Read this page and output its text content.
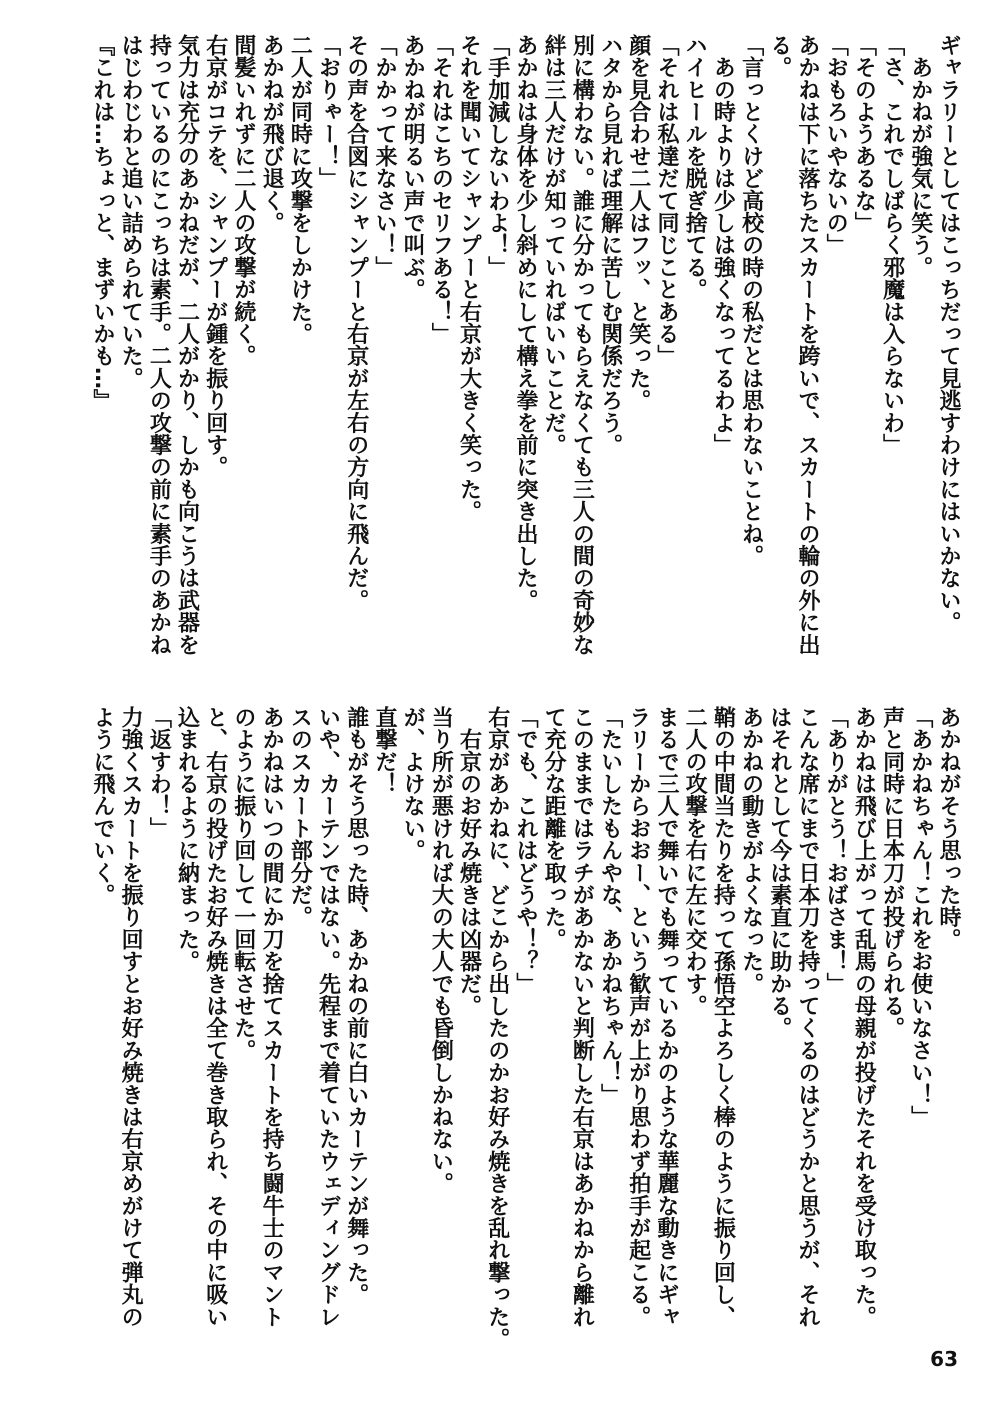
ギャラリーとしてはこっちだって見逃すわけにはいかない。
　あかねが強気に笑う。
「さ、これでしばらく邪魔は入らないわ」
「そのようあるな」
「おもろいやないの」
あかねは下に落ちたスカートを跨いで、スカートの輪の外に出
る。
「言っとくけど高校の時の私だとは思わないことね。
　あの時よりは少しは強くなってるわよ」
ハイヒールを脱ぎ捨てる。
「それは私達だて同じことある」
顔を見合わせ二人はフッ、と笑った。
ハタから見れば理解に苦しむ関係だろう。
別に構わない。誰に分かってもらえなくても三人の間の奇妙な
絆は三人だけが知っていればいいことだ。
あかねは身体を少し斜めにして構え拳を前に突き出した。
「手加減しないわよ！」
それを聞いてシャンプーと右京が大きく笑った。
「それはこちのセリフある！」
あかねが明るい声で叫ぶ。
「かかって来なさい！」
その声を合図にシャンプーと右京が左右の方向に飛んだ。
「おりゃー！」
二人が同時に攻撃をしかけた。
あかねが飛び退く。
間髪いれずに二人の攻撃が続く。
右京がコテを、シャンプーが鍾を振り回す。
気力は充分のあかねだが、二人がかり、しかも向こうは武器を
持っているのにこっちは素手。二人の攻撃の前に素手のあかね
はじわじわと追い詰められていた。
『これは…ちょっと、まずいかも…』
あかねがそう思った時。
「あかねちゃん！これをお使いなさい！」
声と同時に日本刀が投げられる。
あかねは飛び上がって乱馬の母親が投げたそれを受け取った。
「ありがとう！おばさま！」
こんな席にまで日本刀を持ってくるのはどうかと思うが、それ
はそれとして今は素直に助かる。
あかねの動きがよくなった。
鞘の中間当たりを持って孫悟空よろしく棒のように振り回し、
二人の攻撃を右に左に交わす。
まるで三人で舞いでも舞っているかのような華麗な動きにギャ
ラリーからおおー、という歓声が上がり思わず拍手が起こる。
「たいしたもんやな、あかねちゃん！」
このままではラチがあかないと判断した右京はあかねから離れ
て充分な距離を取った。
「でも、これはどうや！？」
右京があかねに、どこから出したのかお好み焼きを乱れ撃った。
　右京のお好み焼きは凶器だ。
当り所が悪ければ大の大人でも昏倒しかねない。
が、よけない。
直撃だ！
誰もがそう思った時、あかねの前に白いカーテンが舞った。
いや、カーテンではない。先程まで着ていたウェディングドレ
スのスカート部分だ。
あかねはいつの間にか刀を捨てスカートを持ち闘牛士のマント
のように振り回して一回転させた。
と、右京の投げたお好み焼きは全て巻き取られ、その中に吸い
込まれるように納まった。
「返すわ！」
力強くスカートを振り回すとお好み焼きは右京めがけて弾丸の
ように飛んでいく。
63
